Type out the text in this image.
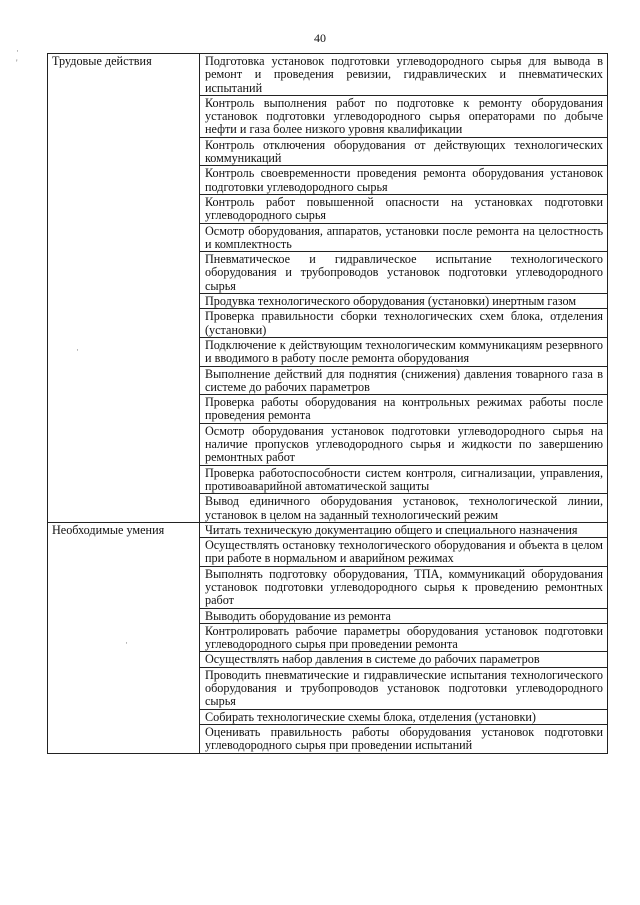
40
Трудовые действия	Подготовка установок подготовки углеводородного сырья для вывода в ремонт и проведения ревизии, гидравлических и пневматических испытаний
	Контроль выполнения работ по подготовке к ремонту оборудования установок подготовки углеводородного сырья операторами по добыче нефти и газа более низкого уровня квалификации
	Контроль отключения оборудования от действующих технологических коммуникаций
	Контроль своевременности проведения ремонта оборудования установок подготовки углеводородного сырья
	Контроль работ повышенной опасности на установках подготовки углеводородного сырья
	Осмотр оборудования, аппаратов, установки после ремонта на целостность и комплектность
	Пневматическое и гидравлическое испытание технологического оборудования и трубопроводов установок подготовки углеводородного сырья
	Продувка технологического оборудования (установки) инертным газом
	Проверка правильности сборки технологических схем блока, отделения (установки)
	Подключение к действующим технологическим коммуникациям резервного и вводимого в работу после ремонта оборудования
	Выполнение действий для поднятия (снижения) давления товарного газа в системе до рабочих параметров
	Проверка работы оборудования на контрольных режимах работы после проведения ремонта
	Осмотр оборудования установок подготовки углеводородного сырья на наличие пропусков углеводородного сырья и жидкости по завершению ремонтных работ
	Проверка работоспособности систем контроля, сигнализации, управления, противоаварийной автоматической защиты
	Вывод единичного оборудования установок, технологической линии, установок в целом на заданный технологический режим
Необходимые умения	Читать техническую документацию общего и специального назначения
	Осуществлять остановку технологического оборудования и объекта в целом при работе в нормальном и аварийном режимах
	Выполнять подготовку оборудования, ТПА, коммуникаций оборудования установок подготовки углеводородного сырья к проведению ремонтных работ
	Выводить оборудование из ремонта
	Контролировать рабочие параметры оборудования установок подготовки углеводородного сырья при проведении ремонта
	Осуществлять набор давления в системе до рабочих параметров
	Проводить пневматические и гидравлические испытания технологического оборудования и трубопроводов установок подготовки углеводородного сырья
	Собирать технологические схемы блока, отделения (установки)
	Оценивать правильность работы оборудования установок подготовки углеводородного сырья при проведении испытаний
·
'
·
·
